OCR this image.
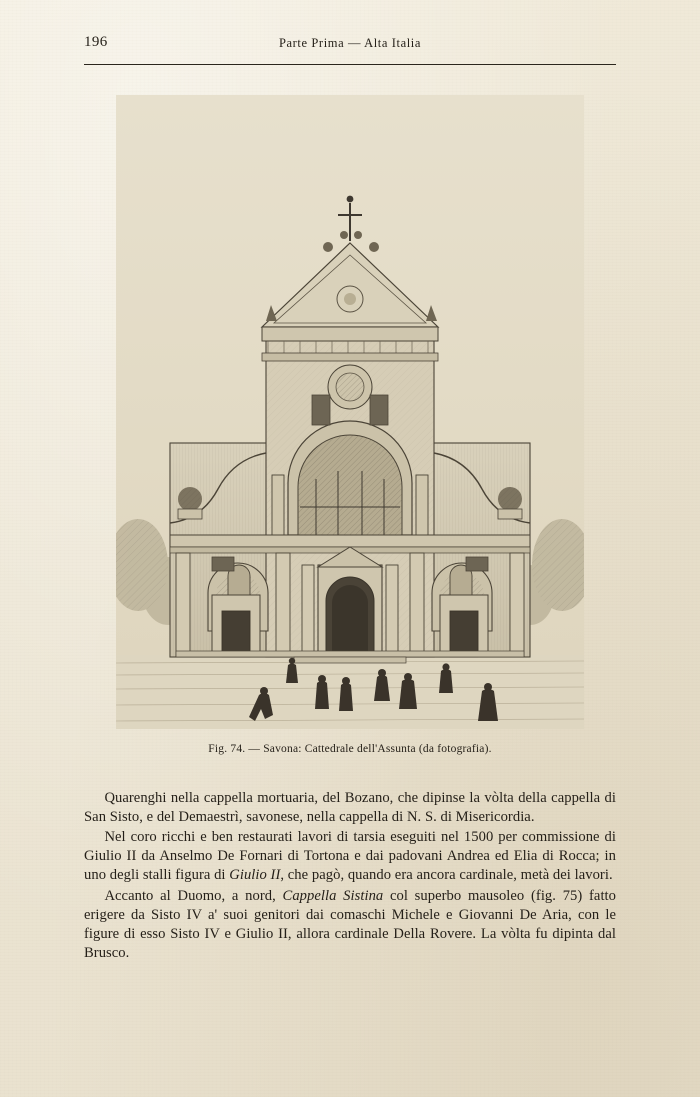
196	Parte Prima — Alta Italia
Fig. 74. — Savona: Cattedrale dell'Assunta (da fotografia).

Quarenghi nella cappella mortuaria, del Bozano, che dipinse la vòlta della cappella di San Sisto, e del Demaestrì, savonese, nella cappella di N. S. di Misericordia.

Nel coro ricchi e ben restaurati lavori di tarsia eseguiti nel 1500 per commissione di Giulio II da Anselmo De Fornari di Tortona e dai padovani Andrea ed Elia di Rocca; in uno degli stalli figura di Giulio II, che pagò, quando era ancora cardinale, metà dei lavori.

Accanto al Duomo, a nord, Cappella Sistina col superbo mausoleo (fig. 75) fatto erigere da Sisto IV a' suoi genitori dai comaschi Michele e Giovanni De Aria, con le figure di esso Sisto IV e Giulio II, allora cardinale Della Rovere. La vòlta fu dipinta dal Brusco.
